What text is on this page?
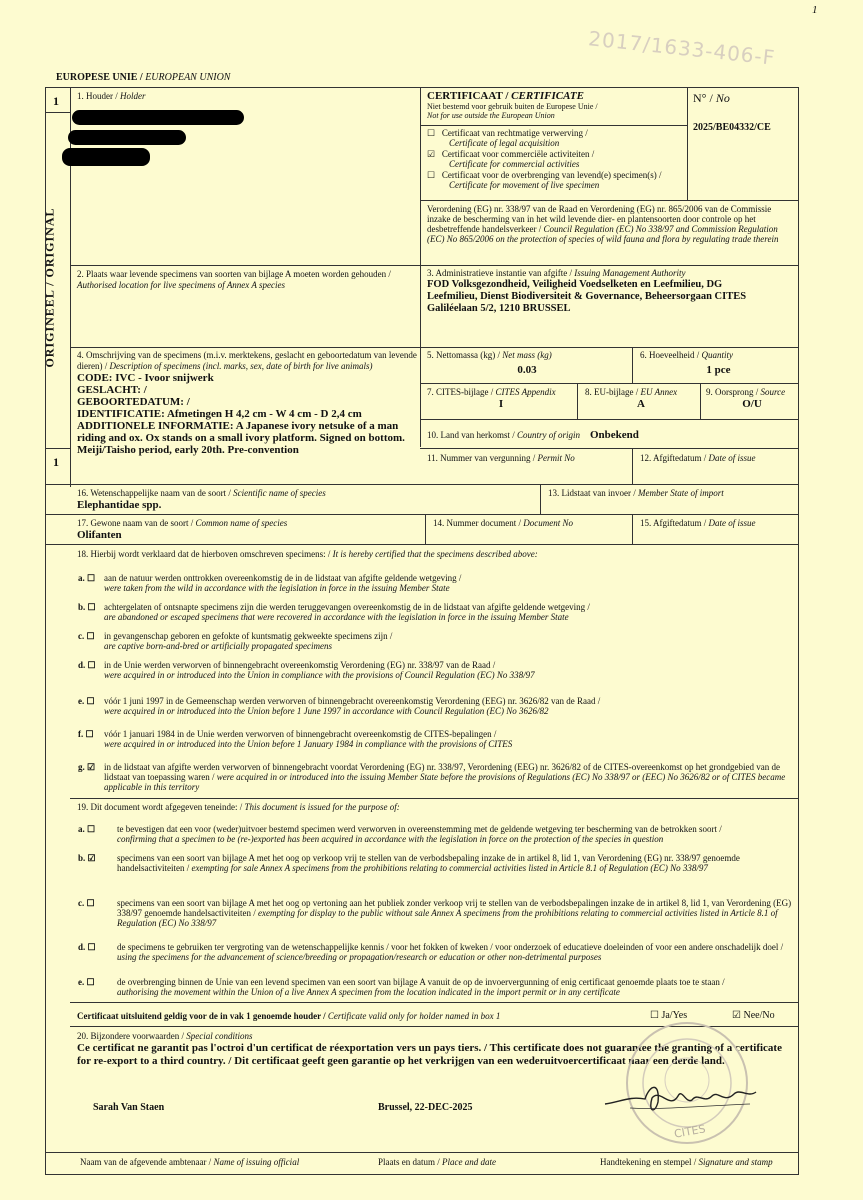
1
2017/1633-406-F
EUROPESE UNIE / EUROPEAN UNION
1
ORIGINEEL / ORIGINAL
1
1. Houder / Holder	CERTIFICAAT / CERTIFICATE
Niet bestemd voor gebruik buiten de Europese Unie /
Not for use outside the European Union
☐ Certificaat van rechtmatige verwerving /
Certificate of legal acquisition
☑ Certificaat voor commerciële activiteiten /
Certificate for commercial activities
☐ Certificaat voor de overbrenging van levend(e) specimen(s) /
Certificate for movement of live specimen
N° / No
2025/BE04332/CE
Verordening (EG) nr. 338/97 van de Raad en Verordening (EG) nr. 865/2006 van de Commissie inzake de bescherming van in het wild levende dier- en plantensoorten door controle op het desbetreffende handelsverkeer / Council Regulation (EC) No 338/97 and Commission Regulation (EC) No 865/2006 on the protection of species of wild fauna and flora by regulating trade therein
2. Plaats waar levende specimens van soorten van bijlage A moeten worden gehouden / Authorised location for live specimens of Annex A species
3. Administratieve instantie van afgifte / Issuing Management Authority
FOD Volksgezondheid, Veiligheid Voedselketen en Leefmilieu, DG
Leefmilieu, Dienst Biodiversiteit & Governance, Beheersorgaan CITES
Galiléelaan 5/2, 1210 BRUSSEL
4. Omschrijving van de specimens (m.i.v. merktekens, geslacht en geboortedatum van levende dieren) / Description of specimens (incl. marks, sex, date of birth for live animals)
CODE: IVC - Ivoor snijwerk
GESLACHT: /
GEBOORTEDATUM: /
IDENTIFICATIE: Afmetingen H 4,2 cm - W 4 cm - D 2,4 cm
ADDITIONELE INFORMATIE: A Japanese ivory netsuke of a man
riding and ox. Ox stands on a small ivory platform. Signed on bottom.
Meiji/Taisho period, early 20th. Pre-convention
5. Nettomassa (kg) / Net mass (kg)
0.03
6. Hoeveelheid / Quantity
1 pce
7. CITES-bijlage / CITES Appendix
I
8. EU-bijlage / EU Annex
A
9. Oorsprong / Source
O/U
10. Land van herkomst / Country of origin Onbekend
11. Nummer van vergunning / Permit No	12. Afgiftedatum / Date of issue
16. Wetenschappelijke naam van de soort / Scientific name of species
Elephantidae spp.
13. Lidstaat van invoer / Member State of import
17. Gewone naam van de soort / Common name of species
Olifanten
14. Nummer document / Document No	15. Afgiftedatum / Date of issue
18. Hierbij wordt verklaard dat de hierboven omschreven specimens: / It is hereby certified that the specimens described above:
a. ☐ aan de natuur werden onttrokken overeenkomstig de in de lidstaat van afgifte geldende wetgeving /
were taken from the wild in accordance with the legislation in force in the issuing Member State
b. ☐ achtergelaten of ontsnapte specimens zijn die werden teruggevangen overeenkomstig de in de lidstaat van afgifte geldende wetgeving /
are abandoned or escaped specimens that were recovered in accordance with the legislation in force in the issuing Member State
c. ☐ in gevangenschap geboren en gefokte of kuntsmatig gekweekte specimens zijn /
are captive born-and-bred or artificially propagated specimens
d. ☐ in de Unie werden verworven of binnengebracht overeenkomstig Verordening (EG) nr. 338/97 van de Raad /
were acquired in or introduced into the Union in compliance with the provisions of Council Regulation (EC) No 338/97
e. ☐ vóór 1 juni 1997 in de Gemeenschap werden verworven of binnengebracht overeenkomstig Verordening (EEG) nr. 3626/82 van de Raad /
were acquired in or introduced into the Union before 1 June 1997 in accordance with Council Regulation (EC) No 3626/82
f. ☐ vóór 1 januari 1984 in de Unie werden verworven of binnengebracht overeenkomstig de CITES-bepalingen /
were acquired in or introduced into the Union before 1 January 1984 in compliance with the provisions of CITES
g. ☑ in de lidstaat van afgifte werden verworven of binnengebracht voordat Verordening (EG) nr. 338/97, Verordening (EEG) nr. 3626/82 of de CITES-overeenkomst op het grondgebied van de lidstaat van toepassing waren / were acquired in or introduced into the issuing Member State before the provisions of Regulations (EC) No 338/97 or (EEC) No 3626/82 or of CITES became applicable in this territory
19. Dit document wordt afgegeven teneinde: / This document is issued for the purpose of:
a. ☐ te bevestigen dat een voor (weder)uitvoer bestemd specimen werd verworven in overeenstemming met de geldende wetgeving ter bescherming van de betrokken soort /
confirming that a specimen to be (re-)exported has been acquired in accordance with the legislation in force on the protection of the species in question
b. ☑ specimens van een soort van bijlage A met het oog op verkoop vrij te stellen van de verbodsbepaling inzake de in artikel 8, lid 1, van Verordening (EG) nr. 338/97 genoemde handelsactiviteiten / exempting for sale Annex A specimens from the prohibitions relating to commercial activities listed in Article 8.1 of Regulation (EC) No 338/97
c. ☐ specimens van een soort van bijlage A met het oog op vertoning aan het publiek zonder verkoop vrij te stellen van de verbodsbepalingen inzake de in artikel 8, lid 1, van Verordening (EG) 338/97 genoemde handelsactiviteiten / exempting for display to the public without sale Annex A specimens from the prohibitions relating to commercial activities listed in Article 8.1 of Regulation (EC) No 338/97
d. ☐ de specimens te gebruiken ter vergroting van de wetenschappelijke kennis / voor het fokken of kweken / voor onderzoek of educatieve doeleinden of voor een andere onschadelijk doel / using the specimens for the advancement of science/breeding or propagation/research or education or other non-detrimental purposes
e. ☐ de overbrenging binnen de Unie van een levend specimen van een soort van bijlage A vanuit de op de invoervergunning of enig certificaat genoemde plaats toe te staan /
authorising the movement within the Union of a live Annex A specimen from the location indicated in the import permit or in any certificate
Certificaat uitsluitend geldig voor de in vak 1 genoemde houder / Certificate valid only for holder named in box 1	☐ Ja/Yes	☑ Nee/No
20. Bijzondere voorwaarden / Special conditions
Ce certificat ne garantit pas l'octroi d'un certificat de réexportation vers un pays tiers. / This certificate does not guarantee the granting of a certificate for re-export to a third country. / Dit certificaat geeft geen garantie op het verkrijgen van een wederuitvoercertificaat naar een derde land.
CITES
Sarah Van Staen	Brussel, 22-DEC-2025
Naam van de afgevende ambtenaar / Name of issuing official	Plaats en datum / Place and date	Handtekening en stempel / Signature and stamp
